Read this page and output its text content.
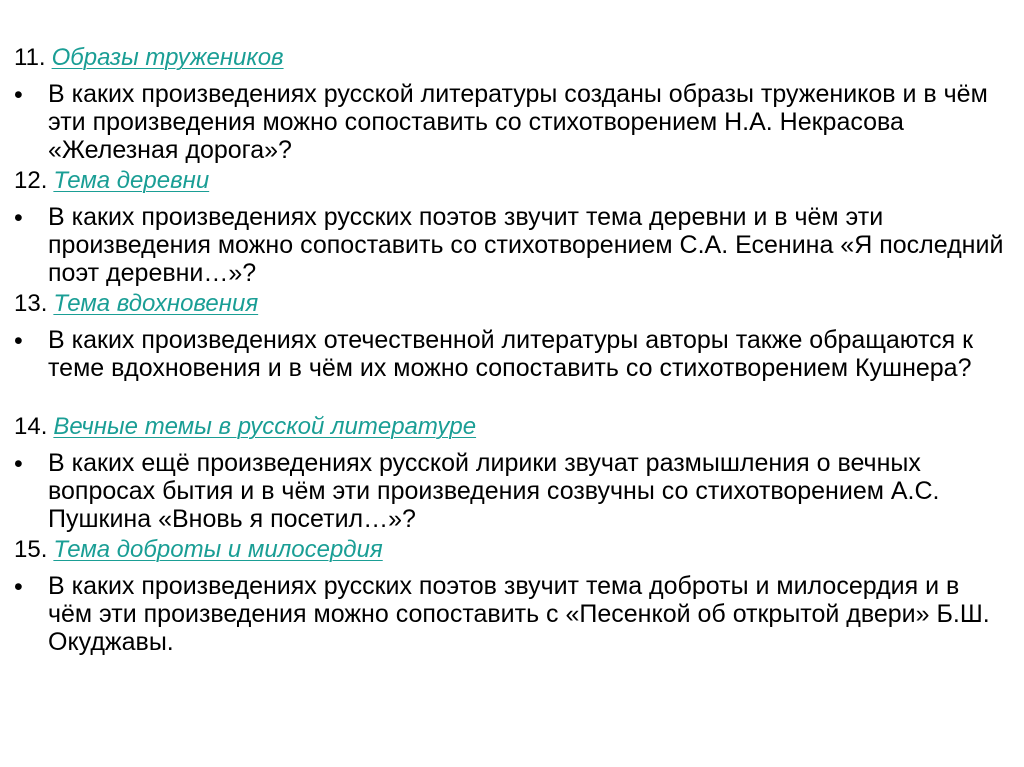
11. Образы тружеников
• В каких произведениях русской литературы созданы образы тружеников и в чём эти произведения можно сопоставить со стихотворением Н.А. Некрасова «Железная дорога»?
12. Тема деревни
• В каких произведениях русских поэтов звучит тема деревни и в чём эти произведения можно сопоставить со стихотворением С.А. Есенина «Я последний поэт деревни…»?
13. Тема вдохновения
• В каких произведениях отечественной литературы авторы также обращаются к теме вдохновения и в чём их можно сопоставить со стихотворением Кушнера?
14. Вечные темы в русской литературе
• В каких ещё произведениях русской лирики звучат размышления о вечных вопросах бытия и в чём эти произведения созвучны со стихотворением А.С. Пушкина «Вновь я посетил…»?
15. Тема доброты и милосердия
• В каких произведениях русских поэтов звучит тема доброты и милосердия и в чём эти произведения можно сопоставить с «Песенкой об открытой двери» Б.Ш. Окуджавы.
